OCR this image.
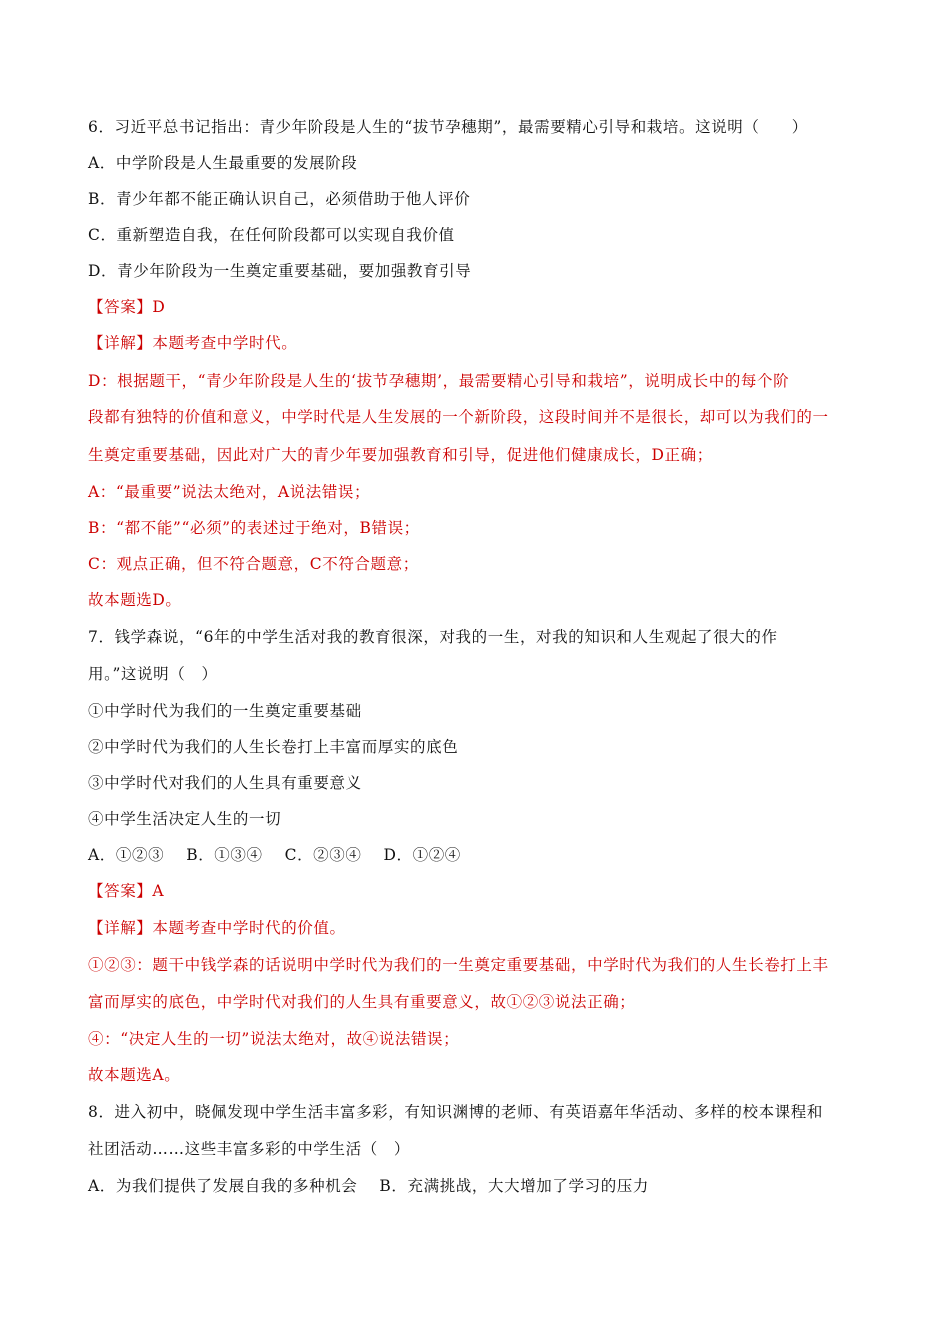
6．习近平总书记指出：青少年阶段是人生的“拔节孕穗期”，最需要精心引导和栽培。这说明（　　）
A．中学阶段是人生最重要的发展阶段
B．青少年都不能正确认识自己，必须借助于他人评价
C．重新塑造自我，在任何阶段都可以实现自我价值
D．青少年阶段为一生奠定重要基础，要加强教育引导
【答案】D
【详解】本题考查中学时代。
D：根据题干，“青少年阶段是人生的‘拔节孕穗期’，最需要精心引导和栽培”，说明成长中的每个阶
段都有独特的价值和意义，中学时代是人生发展的一个新阶段，这段时间并不是很长，却可以为我们的一
生奠定重要基础，因此对广大的青少年要加强教育和引导，促进他们健康成长，D正确；
A：“最重要”说法太绝对，A说法错误；
B：“都不能”“必须”的表述过于绝对，B错误；
C：观点正确，但不符合题意，C不符合题意；
故本题选D。
7．钱学森说，“6年的中学生活对我的教育很深，对我的一生，对我的知识和人生观起了很大的作
用。”这说明（　）
①中学时代为我们的一生奠定重要基础
②中学时代为我们的人生长卷打上丰富而厚实的底色
③中学时代对我们的人生具有重要意义
④中学生活决定人生的一切
A．①②③ B．①③④ C．②③④ D．①②④
【答案】A
【详解】本题考查中学时代的价值。
①②③：题干中钱学森的话说明中学时代为我们的一生奠定重要基础，中学时代为我们的人生长卷打上丰
富而厚实的底色，中学时代对我们的人生具有重要意义，故①②③说法正确；
④：“决定人生的一切”说法太绝对，故④说法错误；
故本题选A。
8．进入初中，晓佩发现中学生活丰富多彩，有知识渊博的老师、有英语嘉年华活动、多样的校本课程和
社团活动……这些丰富多彩的中学生活（　）
A．为我们提供了发展自我的多种机会 B．充满挑战，大大增加了学习的压力
